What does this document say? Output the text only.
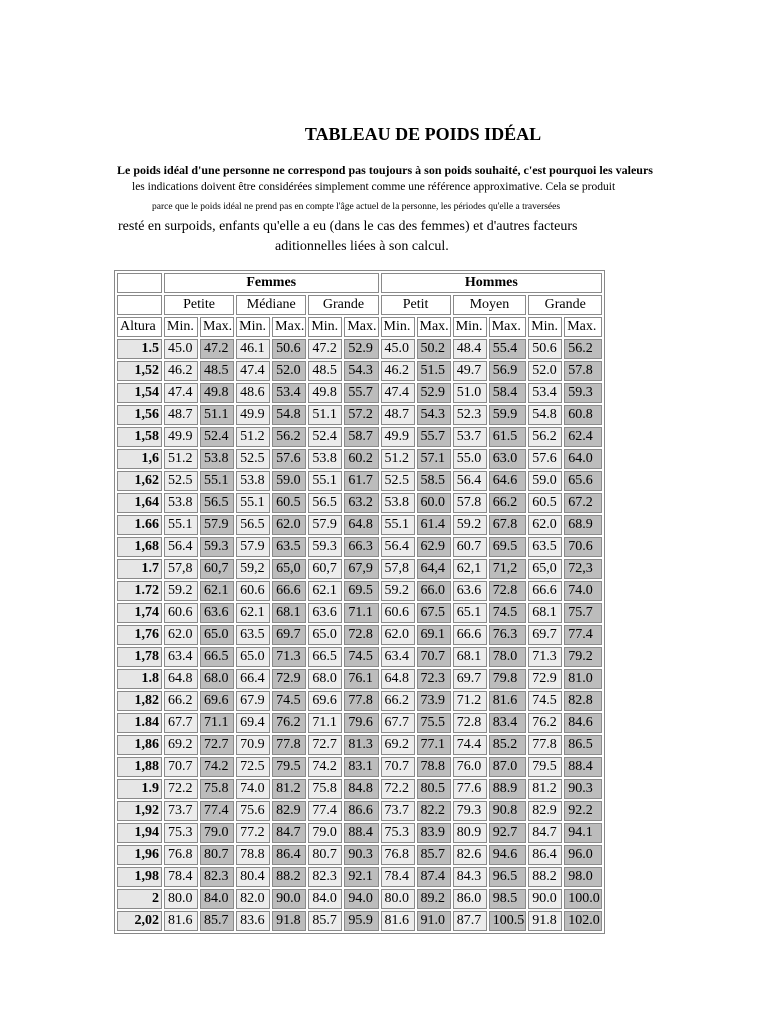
TABLEAU DE POIDS IDÉAL
Le poids idéal d'une personne ne correspond pas toujours à son poids souhaité, c'est pourquoi les valeurs
les indications doivent être considérées simplement comme une référence approximative. Cela se produit
parce que le poids idéal ne prend pas en compte l'âge actuel de la personne, les périodes qu'elle a traversées
resté en surpoids, enfants qu'elle a eu (dans le cas des femmes) et d'autres facteurs
aditionnelles liées à son calcul.
	Femmes						Hommes					
	Petite		Médiane		Grande		Petit		Moyen		Grande	
Altura	Min.	Max.	Min.	Max.	Min.	Max.	Min.	Max.	Min.	Max.	Min.	Max.
1.5	45.0	47.2	46.1	50.6	47.2	52.9	45.0	50.2	48.4	55.4	50.6	56.2
1,52	46.2	48.5	47.4	52.0	48.5	54.3	46.2	51.5	49.7	56.9	52.0	57.8
1,54	47.4	49.8	48.6	53.4	49.8	55.7	47.4	52.9	51.0	58.4	53.4	59.3
1,56	48.7	51.1	49.9	54.8	51.1	57.2	48.7	54.3	52.3	59.9	54.8	60.8
1,58	49.9	52.4	51.2	56.2	52.4	58.7	49.9	55.7	53.7	61.5	56.2	62.4
1,6	51.2	53.8	52.5	57.6	53.8	60.2	51.2	57.1	55.0	63.0	57.6	64.0
1,62	52.5	55.1	53.8	59.0	55.1	61.7	52.5	58.5	56.4	64.6	59.0	65.6
1,64	53.8	56.5	55.1	60.5	56.5	63.2	53.8	60.0	57.8	66.2	60.5	67.2
1.66	55.1	57.9	56.5	62.0	57.9	64.8	55.1	61.4	59.2	67.8	62.0	68.9
1,68	56.4	59.3	57.9	63.5	59.3	66.3	56.4	62.9	60.7	69.5	63.5	70.6
1.7	57,8	60,7	59,2	65,0	60,7	67,9	57,8	64,4	62,1	71,2	65,0	72,3
1.72	59.2	62.1	60.6	66.6	62.1	69.5	59.2	66.0	63.6	72.8	66.6	74.0
1,74	60.6	63.6	62.1	68.1	63.6	71.1	60.6	67.5	65.1	74.5	68.1	75.7
1,76	62.0	65.0	63.5	69.7	65.0	72.8	62.0	69.1	66.6	76.3	69.7	77.4
1,78	63.4	66.5	65.0	71.3	66.5	74.5	63.4	70.7	68.1	78.0	71.3	79.2
1.8	64.8	68.0	66.4	72.9	68.0	76.1	64.8	72.3	69.7	79.8	72.9	81.0
1,82	66.2	69.6	67.9	74.5	69.6	77.8	66.2	73.9	71.2	81.6	74.5	82.8
1.84	67.7	71.1	69.4	76.2	71.1	79.6	67.7	75.5	72.8	83.4	76.2	84.6
1,86	69.2	72.7	70.9	77.8	72.7	81.3	69.2	77.1	74.4	85.2	77.8	86.5
1,88	70.7	74.2	72.5	79.5	74.2	83.1	70.7	78.8	76.0	87.0	79.5	88.4
1.9	72.2	75.8	74.0	81.2	75.8	84.8	72.2	80.5	77.6	88.9	81.2	90.3
1,92	73.7	77.4	75.6	82.9	77.4	86.6	73.7	82.2	79.3	90.8	82.9	92.2
1,94	75.3	79.0	77.2	84.7	79.0	88.4	75.3	83.9	80.9	92.7	84.7	94.1
1,96	76.8	80.7	78.8	86.4	80.7	90.3	76.8	85.7	82.6	94.6	86.4	96.0
1,98	78.4	82.3	80.4	88.2	82.3	92.1	78.4	87.4	84.3	96.5	88.2	98.0
2	80.0	84.0	82.0	90.0	84.0	94.0	80.0	89.2	86.0	98.5	90.0	100.0
2,02	81.6	85.7	83.6	91.8	85.7	95.9	81.6	91.0	87.7	100.5	91.8	102.0
